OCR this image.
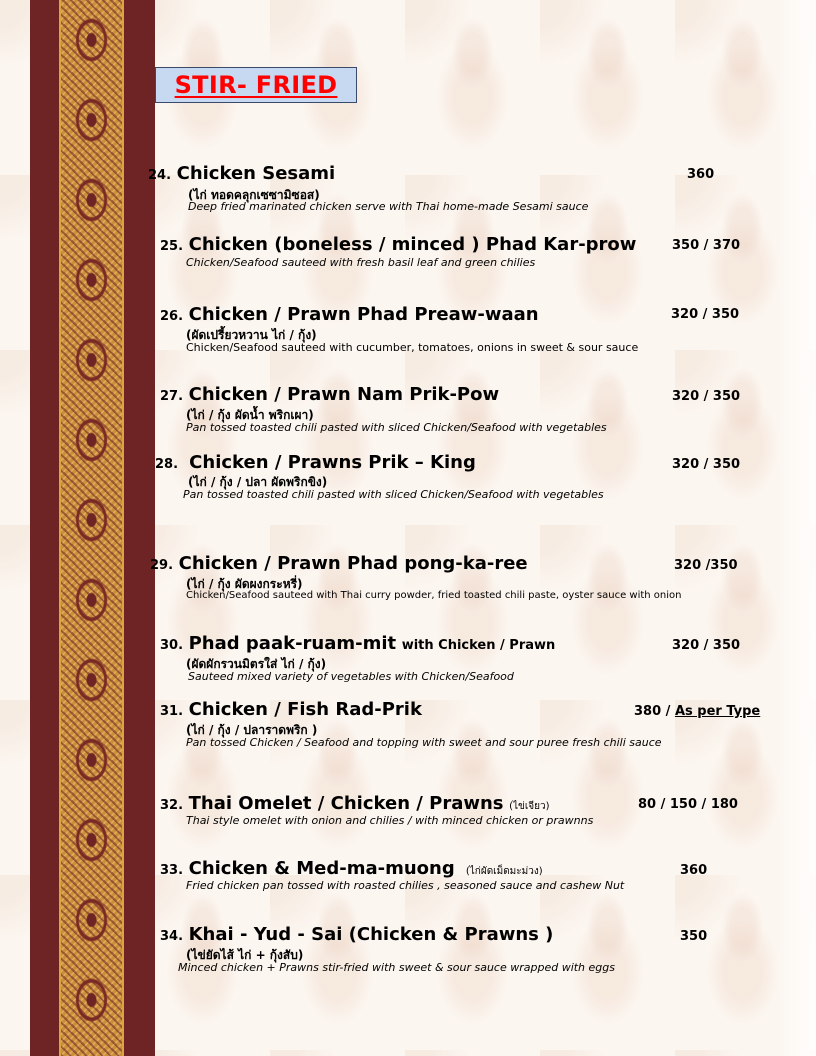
STIR- FRIED
24. Chicken Sesami
(ไก่ ทอดคลุกเซซามิซอส)
Deep fried marinated chicken serve with Thai home-made Sesami sauce
360
25. Chicken (boneless / minced ) Phad Kar-prow
Chicken/Seafood sauteed with fresh basil leaf and green chilies
350 / 370
26. Chicken / Prawn Phad Preaw-waan
(ผัดเปรี้ยวหวาน ไก่ / กุ้ง)
Chicken/Seafood sauteed with cucumber, tomatoes, onions in sweet & sour sauce
320 / 350
27. Chicken / Prawn Nam Prik-Pow
(ไก่ / กุ้ง ผัดน้ำ พริกเผา)
Pan tossed toasted chili pasted with sliced Chicken/Seafood with vegetables
320 / 350
28. Chicken / Prawns Prik – King
(ไก่ / กุ้ง / ปลา ผัดพริกขิง)
Pan tossed toasted chili pasted with sliced Chicken/Seafood with vegetables
320 / 350
29. Chicken / Prawn Phad pong-ka-ree
(ไก่ / กุ้ง ผัดผงกระหรี่)
Chicken/Seafood sauteed with Thai curry powder, fried toasted chili paste, oyster sauce with onion
320 /350
30. Phad paak-ruam-mit with Chicken / Prawn
(ผัดผักรวนมิตรใส่ ไก่ / กุ้ง)
Sauteed mixed variety of vegetables with Chicken/Seafood
320 / 350
31. Chicken / Fish Rad-Prik
(ไก่ / กุ้ง / ปลาราดพริก )
Pan tossed Chicken / Seafood and topping with sweet and sour puree fresh chili sauce
380 / As per Type
32. Thai Omelet / Chicken / Prawns (ไข่เจียว)
Thai style omelet with onion and chilies / with minced chicken or prawnns
80 / 150 / 180
33. Chicken & Med-ma-muong (ไก่ผัดเม็ดมะม่วง)
Fried chicken pan tossed with roasted chilies , seasoned sauce and cashew Nut
360
34. Khai - Yud - Sai (Chicken & Prawns )
(ไข่ยัดไส้ ไก่ + กุ้งสับ)
Minced chicken + Prawns stir-fried with sweet & sour sauce wrapped with eggs
350
